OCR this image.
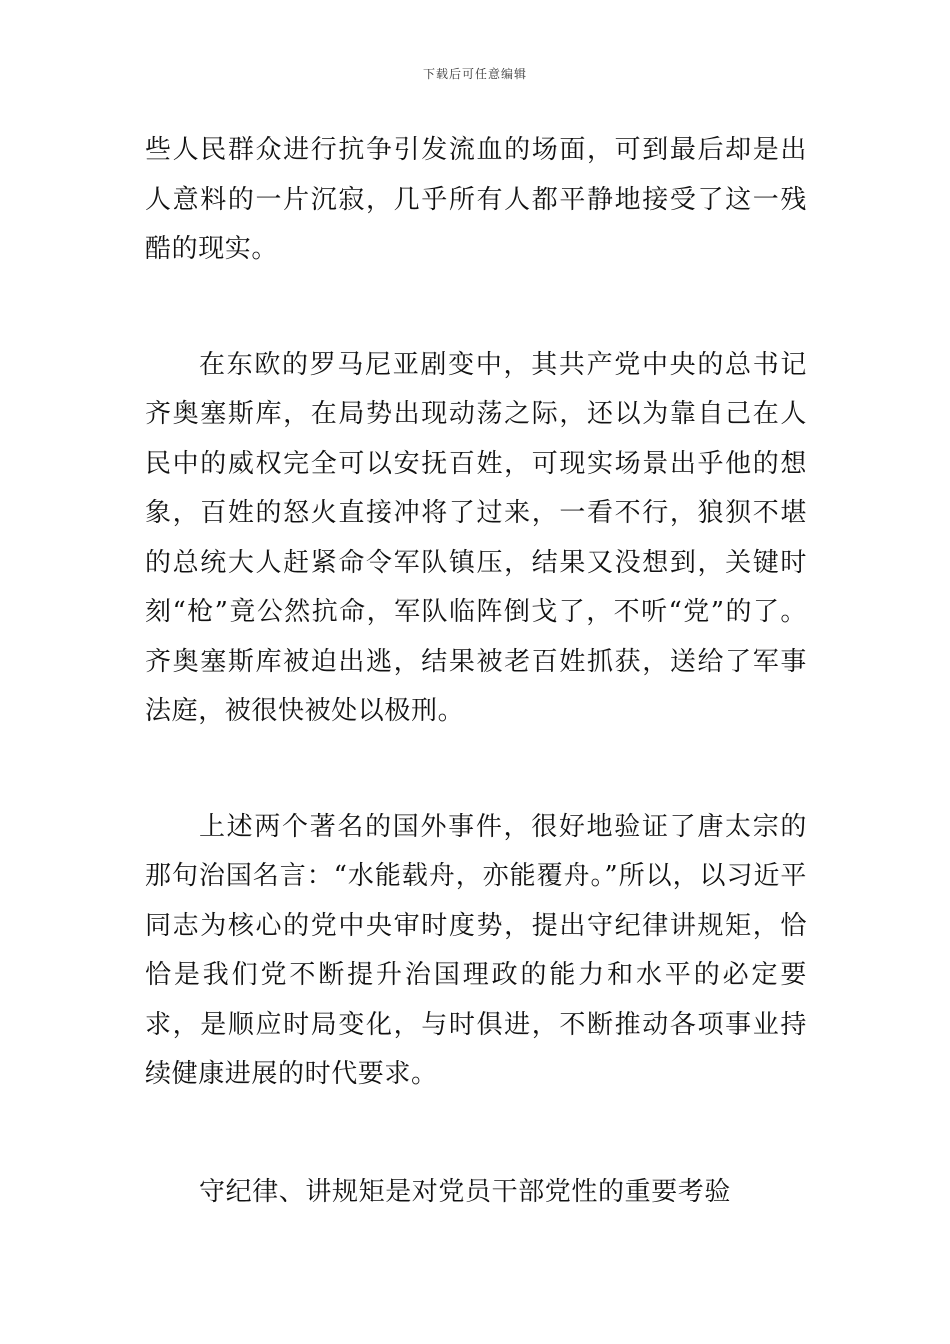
下载后可任意编辑

些人民群众进行抗争引发流血的场面，可到最后却是出人意料的一片沉寂，几乎所有人都平静地接受了这一残酷的现实。

在东欧的罗马尼亚剧变中，其共产党中央的总书记齐奥塞斯库，在局势出现动荡之际，还以为靠自己在人民中的威权完全可以安抚百姓，可现实场景出乎他的想象，百姓的怒火直接冲将了过来，一看不行，狼狈不堪的总统大人赶紧命令军队镇压，结果又没想到，关键时刻“枪”竟公然抗命，军队临阵倒戈了，不听“党”的了。齐奥塞斯库被迫出逃，结果被老百姓抓获，送给了军事法庭，被很快被处以极刑。

上述两个著名的国外事件，很好地验证了唐太宗的那句治国名言：“水能载舟，亦能覆舟。”所以，以习近平同志为核心的党中央审时度势，提出守纪律讲规矩，恰恰是我们党不断提升治国理政的能力和水平的必定要求，是顺应时局变化，与时俱进，不断推动各项事业持续健康进展的时代要求。

守纪律、讲规矩是对党员干部党性的重要考验
